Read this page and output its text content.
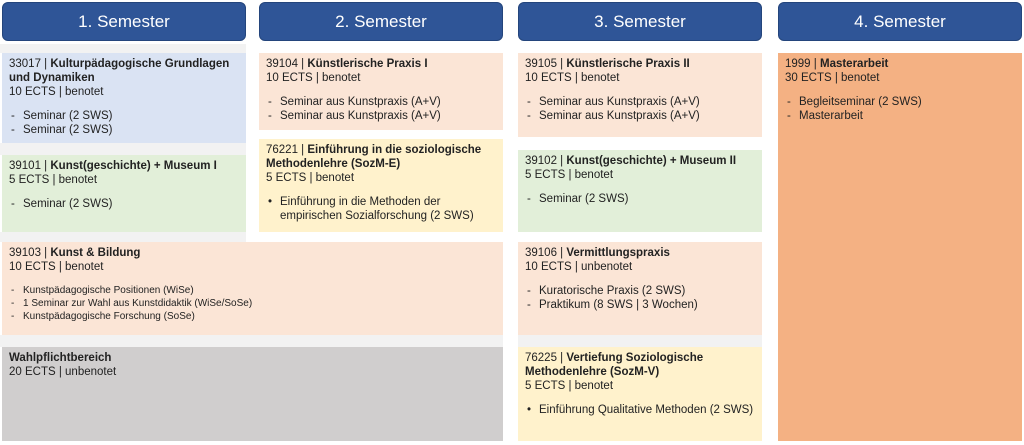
1. Semester	2. Semester	3. Semester	4. Semester
33017 | Kulturpädagogische Grundlagen und Dynamiken
10 ECTS | benotet
- Seminar (2 SWS)
- Seminar (2 SWS)
39101 | Kunst(geschichte) + Museum I
5 ECTS | benotet
- Seminar (2 SWS)
39103 | Kunst & Bildung
10 ECTS | benotet
- Kunstpädagogische Positionen (WiSe)
- 1 Seminar zur Wahl aus Kunstdidaktik (WiSe/SoSe)
- Kunstpädagogische Forschung (SoSe)
Wahlpflichtbereich
20 ECTS | unbenotet
39104 | Künstlerische Praxis I
10 ECTS | benotet
- Seminar aus Kunstpraxis (A+V)
- Seminar aus Kunstpraxis (A+V)
76221 | Einführung in die soziologische Methodenlehre (SozM-E)
5 ECTS | benotet
• Einführung in die Methoden der empirischen Sozialforschung (2 SWS)
39105 | Künstlerische Praxis II
10 ECTS | benotet
- Seminar aus Kunstpraxis (A+V)
- Seminar aus Kunstpraxis (A+V)
39102 | Kunst(geschichte) + Museum II
5 ECTS | benotet
- Seminar (2 SWS)
39106 | Vermittlungspraxis
10 ECTS | unbenotet
- Kuratorische Praxis (2 SWS)
- Praktikum (8 SWS | 3 Wochen)
76225 | Vertiefung Soziologische Methodenlehre (SozM-V)
5 ECTS | benotet
• Einführung Qualitative Methoden (2 SWS)
1999 | Masterarbeit
30 ECTS | benotet
- Begleitseminar (2 SWS)
- Masterarbeit
